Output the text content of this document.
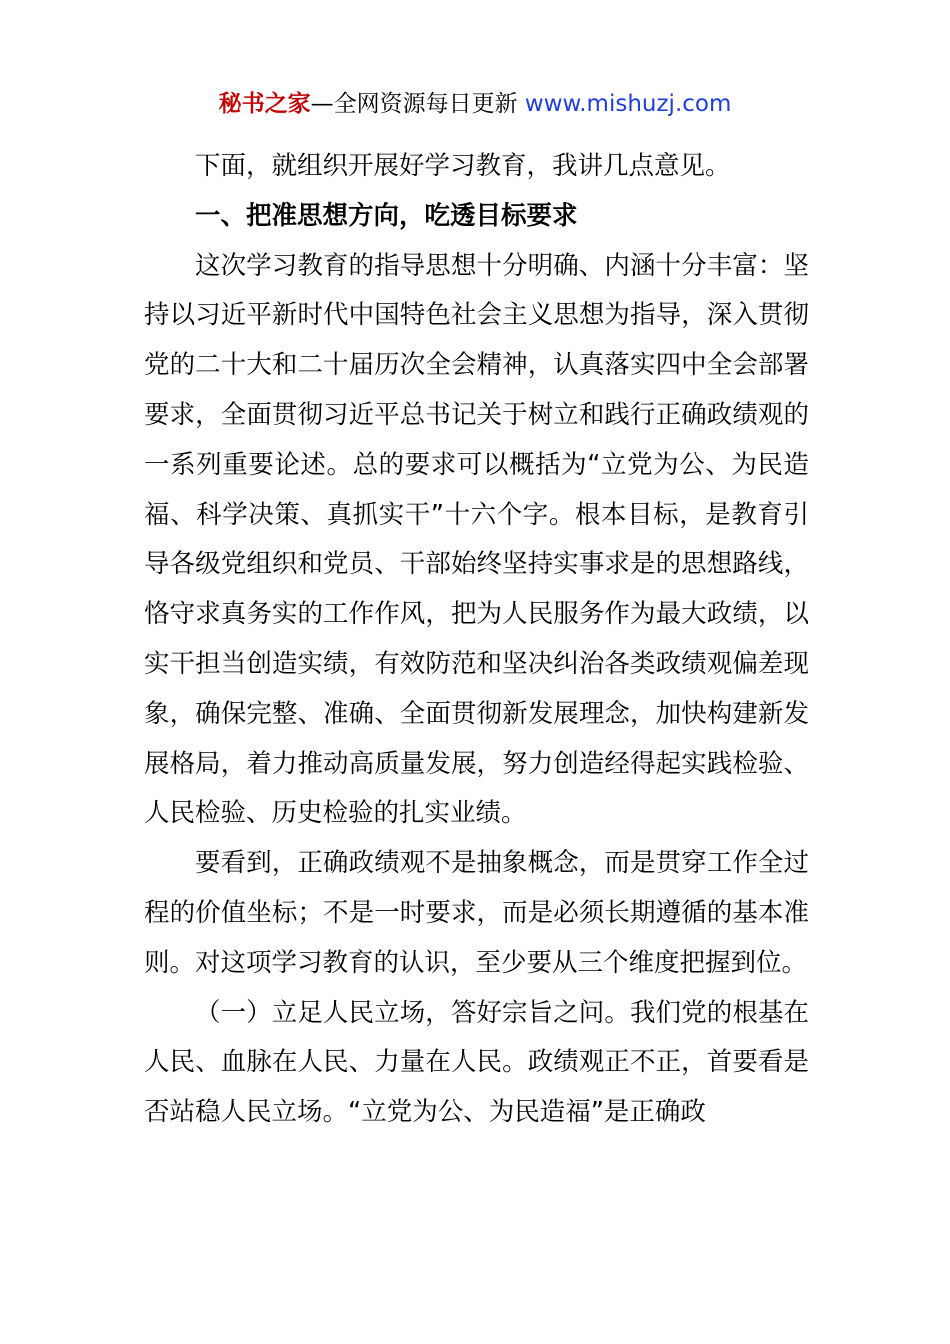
秘书之家—全网资源每日更新 www.mishuzj.com

下面，就组织开展好学习教育，我讲几点意见。

一、把准思想方向，吃透目标要求

这次学习教育的指导思想十分明确、内涵十分丰富：坚持以习近平新时代中国特色社会主义思想为指导，深入贯彻党的二十大和二十届历次全会精神，认真落实四中全会部署要求，全面贯彻习近平总书记关于树立和践行正确政绩观的一系列重要论述。总的要求可以概括为“立党为公、为民造福、科学决策、真抓实干”十六个字。根本目标，是教育引导各级党组织和党员、干部始终坚持实事求是的思想路线，恪守求真务实的工作作风，把为人民服务作为最大政绩，以实干担当创造实绩，有效防范和坚决纠治各类政绩观偏差现象，确保完整、准确、全面贯彻新发展理念，加快构建新发展格局，着力推动高质量发展，努力创造经得起实践检验、人民检验、历史检验的扎实业绩。

要看到，正确政绩观不是抽象概念，而是贯穿工作全过程的价值坐标；不是一时要求，而是必须长期遵循的基本准则。对这项学习教育的认识，至少要从三个维度把握到位。

（一）立足人民立场，答好宗旨之问。我们党的根基在人民、血脉在人民、力量在人民。政绩观正不正，首要看是否站稳人民立场。“立党为公、为民造福”是正确政
